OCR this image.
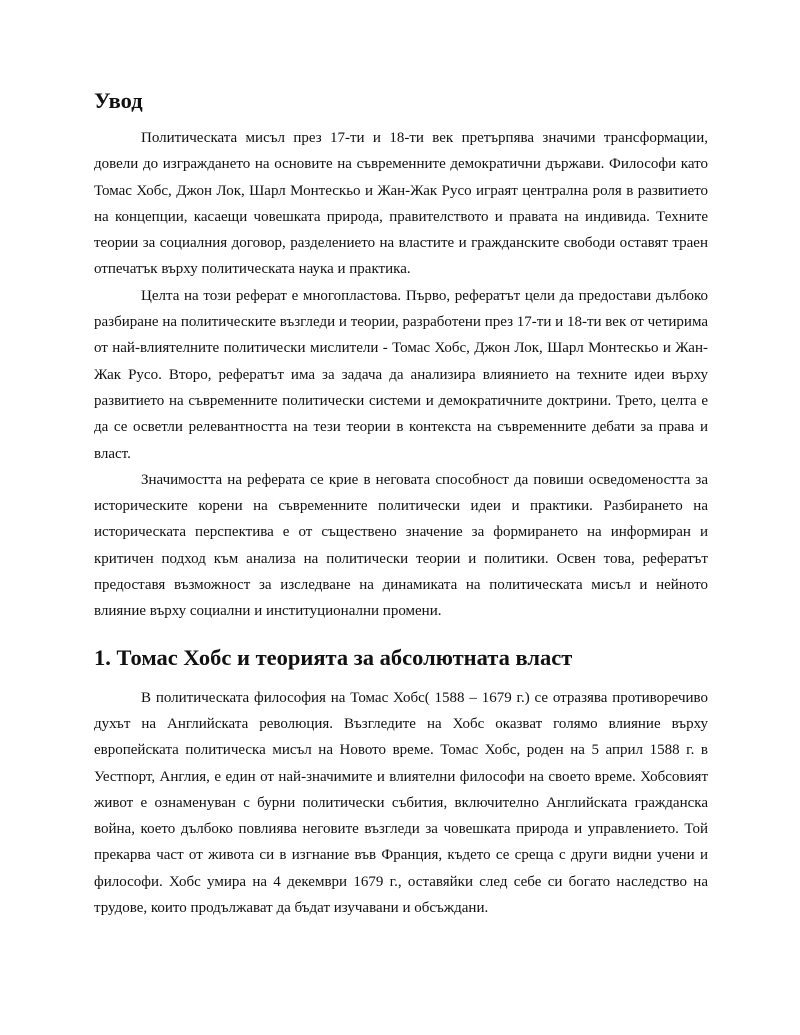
Увод

Политическата мисъл през 17-ти и 18-ти век претърпява значими трансформации, довели до изграждането на основите на съвременните демократични държави. Философи като Томас Хобс, Джон Лок, Шарл Монтескьо и Жан-Жак Русо играят централна роля в развитието на концепции, касаещи човешката природа, правителството и правата на индивида. Техните теории за социалния договор, разделението на властите и гражданските свободи оставят траен отпечатък върху политическата наука и практика.

Целта на този реферат е многопластова. Първо, рефератът цели да предостави дълбоко разбиране на политическите възгледи и теории, разработени през 17-ти и 18-ти век от четирима от най-влиятелните политически мислители - Томас Хобс, Джон Лок, Шарл Монтескьо и Жан-Жак Русо. Второ, рефератът има за задача да анализира влиянието на техните идеи върху развитието на съвременните политически системи и демократичните доктрини. Трето, целта е да се осветли релевантността на тези теории в контекста на съвременните дебати за права и власт.

Значимостта на реферата се крие в неговата способност да повиши осведомеността за историческите корени на съвременните политически идеи и практики. Разбирането на историческата перспектива е от съществено значение за формирането на информиран и критичен подход към анализа на политически теории и политики. Освен това, рефератът предоставя възможност за изследване на динамиката на политическата мисъл и нейното влияние върху социални и институционални промени.

1. Томас Хобс и теорията за абсолютната власт

В политическата философия на Томас Хобс( 1588 – 1679 г.) се отразява противоречиво духът на Английската революция. Възгледите на Хобс оказват голямо влияние върху европейската политическа мисъл на Новото време. Томас Хобс, роден на 5 април 1588 г. в Уестпорт, Англия, е един от най-значимите и влиятелни философи на своето време. Хобсовият живот е ознаменуван с бурни политически събития, включително Английската гражданска война, което дълбоко повлиява неговите възгледи за човешката природа и управлението. Той прекарва част от живота си в изгнание във Франция, където се среща с други видни учени и философи. Хобс умира на 4 декември 1679 г., оставяйки след себе си богато наследство на трудове, които продължават да бъдат изучавани и обсъждани.
